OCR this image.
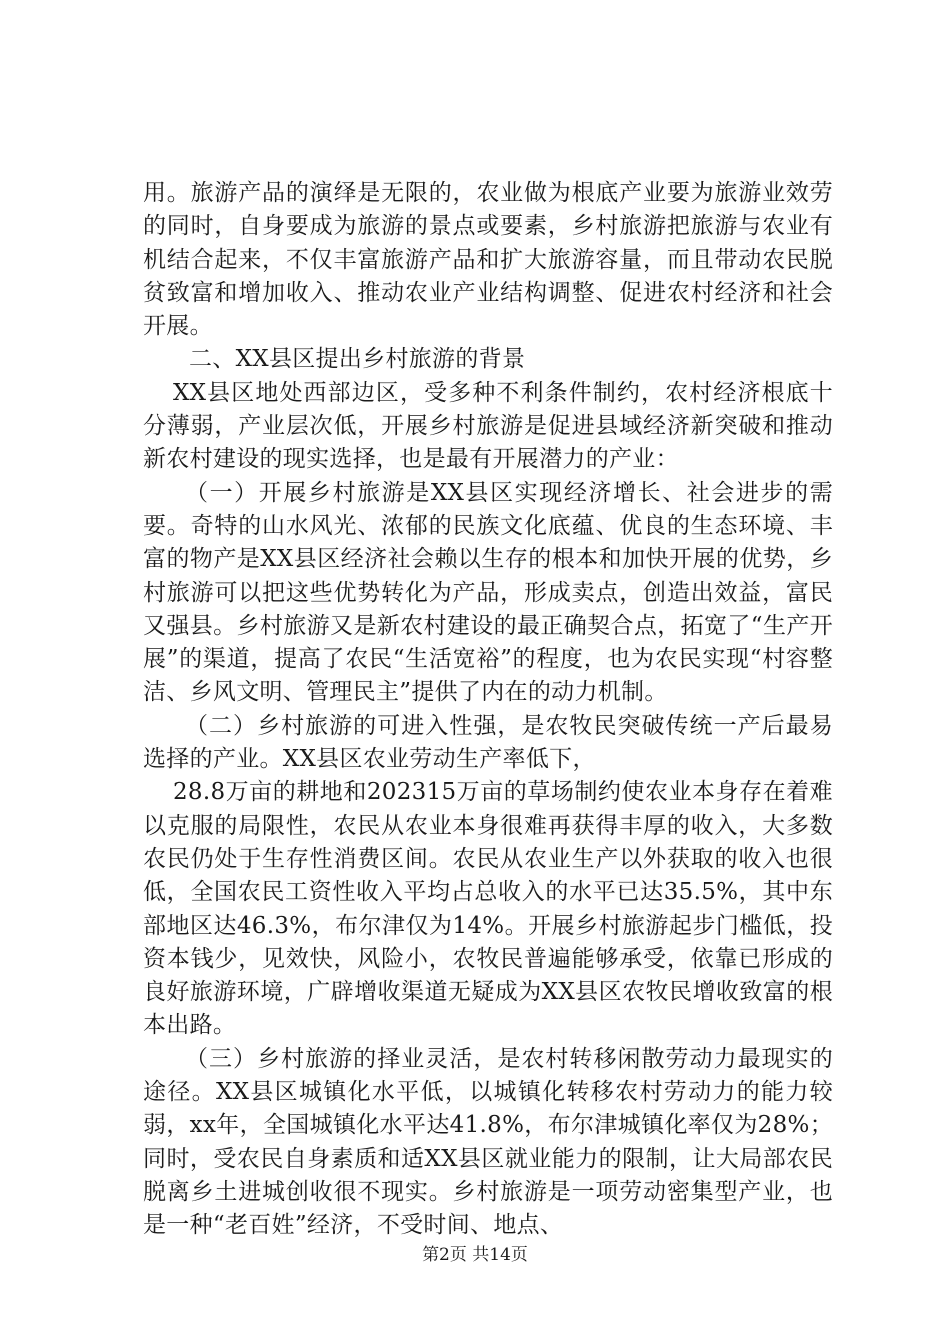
用。旅游产品的演绎是无限的，农业做为根底产业要为旅游业效劳的同时，自身要成为旅游的景点或要素，乡村旅游把旅游与农业有机结合起来，不仅丰富旅游产品和扩大旅游容量，而且带动农民脱贫致富和增加收入、推动农业产业结构调整、促进农村经济和社会开展。

二、XX县区提出乡村旅游的背景

XX县区地处西部边区，受多种不利条件制约，农村经济根底十分薄弱，产业层次低，开展乡村旅游是促进县域经济新突破和推动新农村建设的现实选择，也是最有开展潜力的产业：

（一）开展乡村旅游是XX县区实现经济增长、社会进步的需要。奇特的山水风光、浓郁的民族文化底蕴、优良的生态环境、丰富的物产是XX县区经济社会赖以生存的根本和加快开展的优势，乡村旅游可以把这些优势转化为产品，形成卖点，创造出效益，富民又强县。乡村旅游又是新农村建设的最正确契合点，拓宽了“生产开展”的渠道，提高了农民“生活宽裕”的程度，也为农民实现“村容整洁、乡风文明、管理民主”提供了内在的动力机制。

（二）乡村旅游的可进入性强，是农牧民突破传统一产后最易选择的产业。XX县区农业劳动生产率低下，

28.8万亩的耕地和202315万亩的草场制约使农业本身存在着难以克服的局限性，农民从农业本身很难再获得丰厚的收入，大多数农民仍处于生存性消费区间。农民从农业生产以外获取的收入也很低，全国农民工资性收入平均占总收入的水平已达35.5%，其中东部地区达46.3%，布尔津仅为14%。开展乡村旅游起步门槛低，投资本钱少，见效快，风险小，农牧民普遍能够承受，依靠已形成的良好旅游环境，广辟增收渠道无疑成为XX县区农牧民增收致富的根本出路。

（三）乡村旅游的择业灵活，是农村转移闲散劳动力最现实的途径。XX县区城镇化水平低，以城镇化转移农村劳动力的能力较弱，xx年，全国城镇化水平达41.8%，布尔津城镇化率仅为28%；同时，受农民自身素质和适XX县区就业能力的限制，让大局部农民脱离乡土进城创收很不现实。乡村旅游是一项劳动密集型产业，也是一种“老百姓”经济，不受时间、地点、

第2页 共14页
